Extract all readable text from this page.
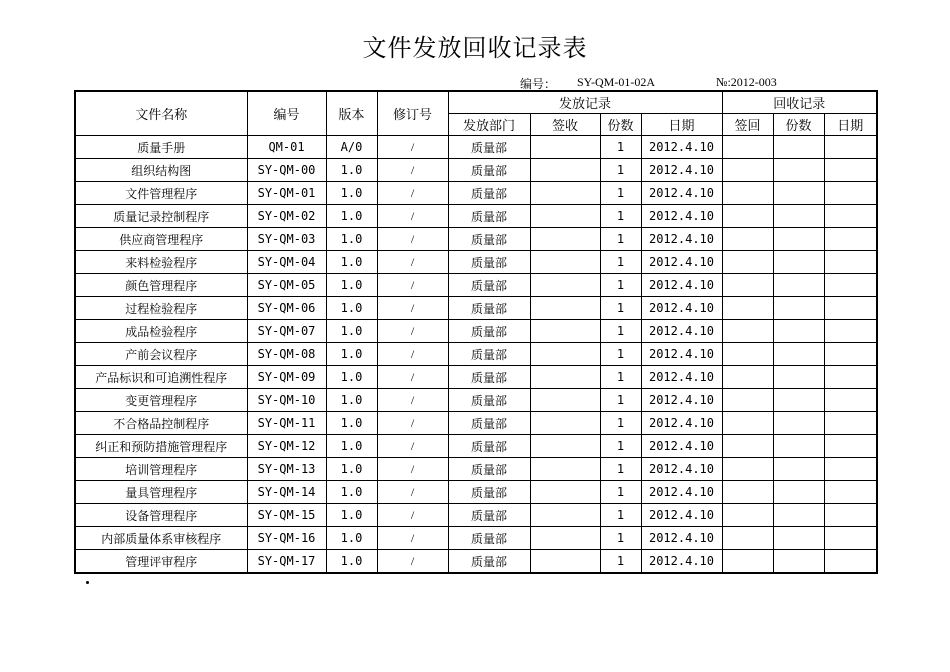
文件发放回收记录表
编号： SY-QM-01-02A	№:2012-003
文件名称	编号	版本	修订号	发放记录				回收记录		
				发放部门	签收	份数	日期	签回	份数	日期
质量手册	QM-01	A/0	/	质量部		1	2012.4.10			
组织结构图	SY-QM-00	1.0	/	质量部		1	2012.4.10			
文件管理程序	SY-QM-01	1.0	/	质量部		1	2012.4.10			
质量记录控制程序	SY-QM-02	1.0	/	质量部		1	2012.4.10			
供应商管理程序	SY-QM-03	1.0	/	质量部		1	2012.4.10			
来料检验程序	SY-QM-04	1.0	/	质量部		1	2012.4.10			
颜色管理程序	SY-QM-05	1.0	/	质量部		1	2012.4.10			
过程检验程序	SY-QM-06	1.0	/	质量部		1	2012.4.10			
成品检验程序	SY-QM-07	1.0	/	质量部		1	2012.4.10			
产前会议程序	SY-QM-08	1.0	/	质量部		1	2012.4.10			
产品标识和可追溯性程序	SY-QM-09	1.0	/	质量部		1	2012.4.10			
变更管理程序	SY-QM-10	1.0	/	质量部		1	2012.4.10			
不合格品控制程序	SY-QM-11	1.0	/	质量部		1	2012.4.10			
纠正和预防措施管理程序	SY-QM-12	1.0	/	质量部		1	2012.4.10			
培训管理程序	SY-QM-13	1.0	/	质量部		1	2012.4.10			
量具管理程序	SY-QM-14	1.0	/	质量部		1	2012.4.10			
设备管理程序	SY-QM-15	1.0	/	质量部		1	2012.4.10			
内部质量体系审核程序	SY-QM-16	1.0	/	质量部		1	2012.4.10			
管理评审程序	SY-QM-17	1.0	/	质量部		1	2012.4.10			
